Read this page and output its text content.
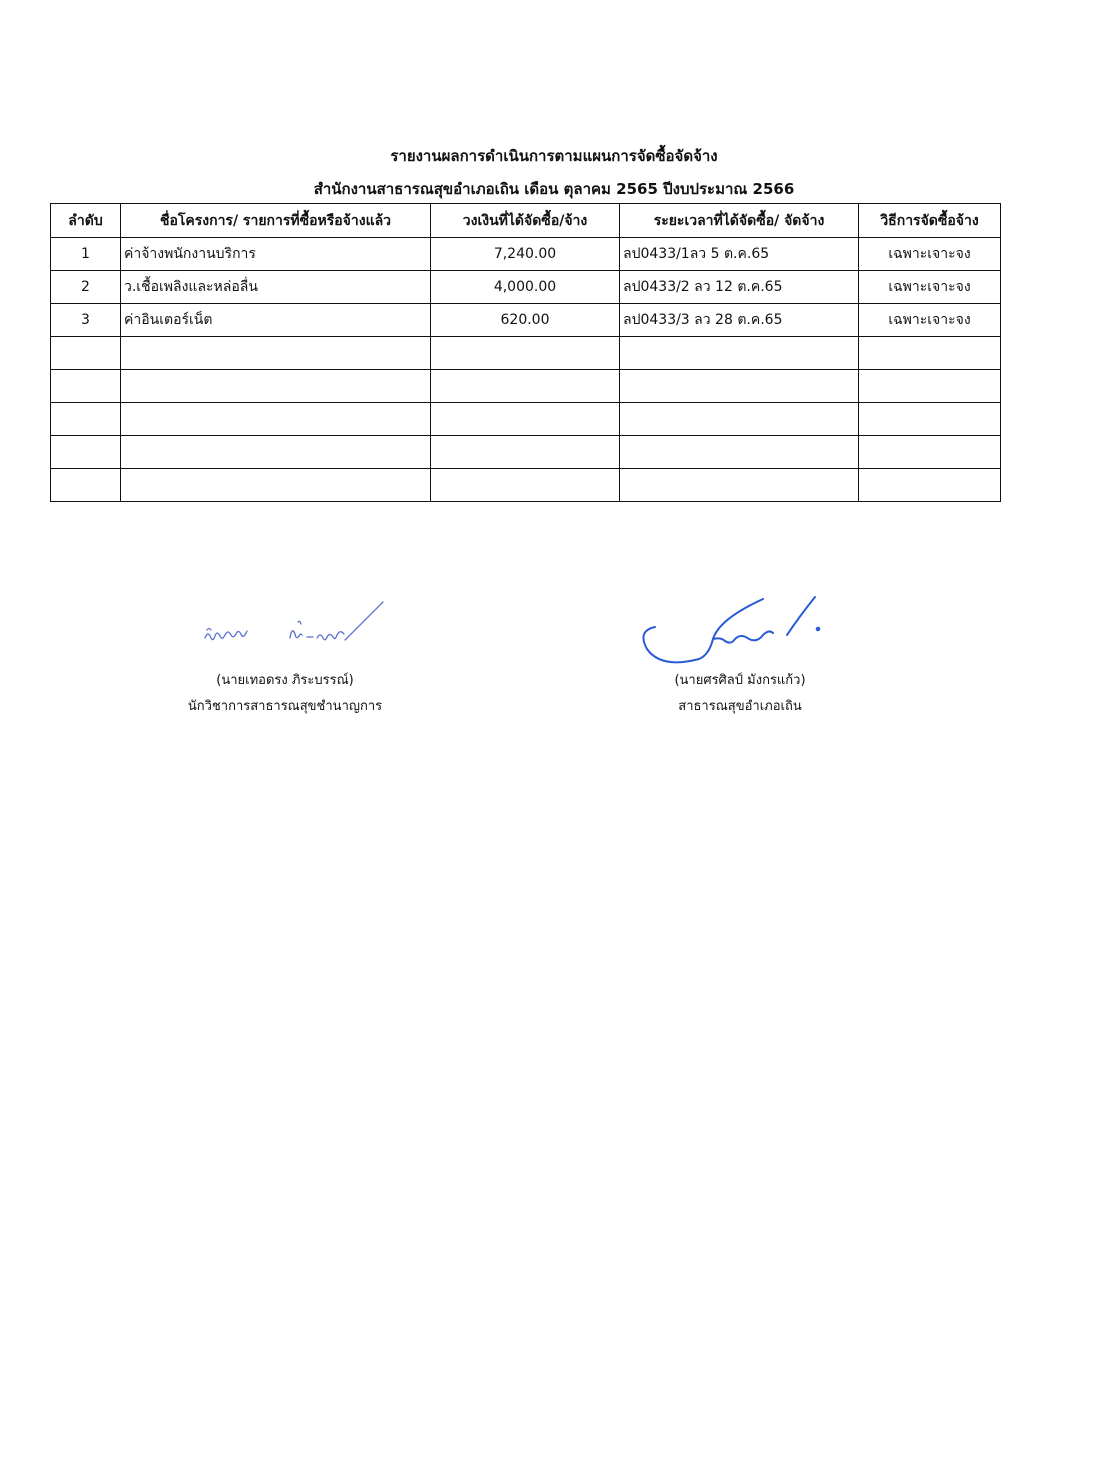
รายงานผลการดำเนินการตามแผนการจัดซื้อจัดจ้าง
สำนักงานสาธารณสุขอำเภอเถิน เดือน ตุลาคม 2565 ปีงบประมาณ 2566
ลำดับ	ชื่อโครงการ/ รายการที่ซื้อหรือจ้างแล้ว	วงเงินที่ได้จัดซื้อ/จ้าง	ระยะเวลาที่ได้จัดซื้อ/ จัดจ้าง	วิธีการจัดซื้อจ้าง
1	ค่าจ้างพนักงานบริการ	7,240.00	ลป0433/1ลว 5 ต.ค.65	เฉพาะเจาะจง
2	ว.เชื้อเพลิงและหล่อลื่น	4,000.00	ลป0433/2 ลว 12 ต.ค.65	เฉพาะเจาะจง
3	ค่าอินเตอร์เน็ต	620.00	ลป0433/3 ลว 28 ต.ค.65	เฉพาะเจาะจง

(นายเทอดรง ภิระบรรณ์)
นักวิชาการสาธารณสุขชำนาญการ
(นายศรศิลป์ มังกรแก้ว)
สาธารณสุขอำเภอเถิน
